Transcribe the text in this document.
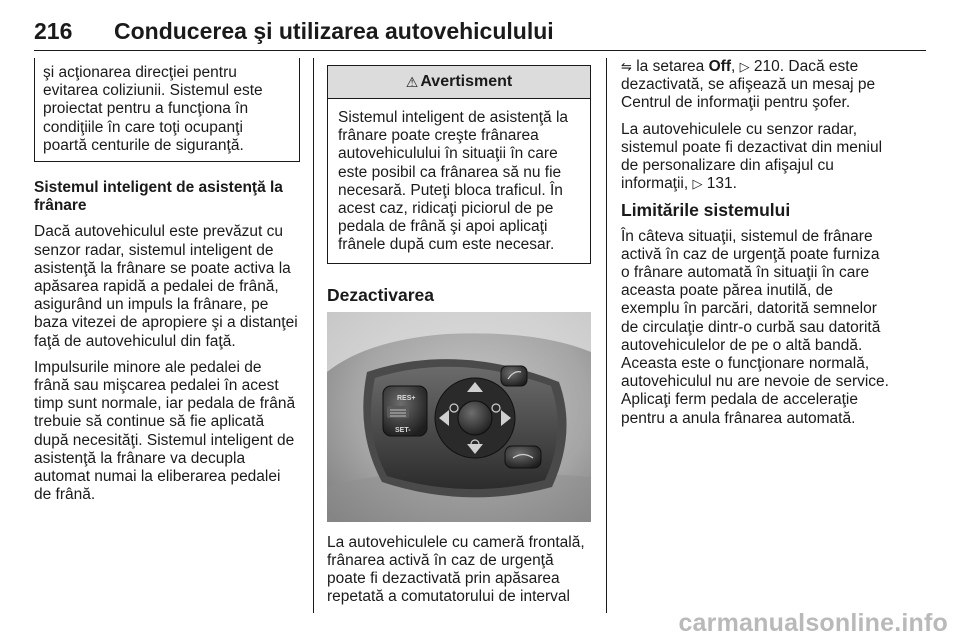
216 Conducerea şi utilizarea autovehiculului
şi acţionarea direcţiei pentru evitarea coliziunii. Sistemul este proiectat pentru a funcţiona în condiţiile în care toţi ocupanţi poartă centurile de siguranţă.

Sistemul inteligent de asistenţă la frânare

Dacă autovehiculul este prevăzut cu senzor radar, sistemul inteligent de asistenţă la frânare se poate activa la apăsarea rapidă a pedalei de frână, asigurând un impuls la frânare, pe baza vitezei de apropiere şi a distanţei faţă de autovehiculul din faţă.

Impulsurile minore ale pedalei de frână sau mişcarea pedalei în acest timp sunt normale, iar pedala de frână trebuie să continue să fie aplicată după necesităţi. Sistemul inteligent de asistenţă la frânare va decupla automat numai la eliberarea pedalei de frână.

⚠ Avertisment
Sistemul inteligent de asistenţă la frânare poate creşte frânarea autovehiculului în situaţii în care este posibil ca frânarea să nu fie necesară. Puteţi bloca traficul. În acest caz, ridicaţi piciorul de pe pedala de frână şi apoi aplicaţi frânele după cum este necesar.

Dezactivarea

RES+
SET-

La autovehiculele cu cameră frontală, frânarea activă în caz de urgenţă poate fi dezactivată prin apăsarea repetată a comutatorului de interval

⇋ la setarea Off, ▷ 210. Dacă este dezactivată, se afişează un mesaj pe Centrul de informaţii pentru şofer.

La autovehiculele cu senzor radar, sistemul poate fi dezactivat din meniul de personalizare din afişajul cu informaţii, ▷ 131.

Limitările sistemului

În câteva situaţii, sistemul de frânare activă în caz de urgenţă poate furniza o frânare automată în situaţii în care aceasta poate părea inutilă, de exemplu în parcări, datorită semnelor de circulaţie dintr-o curbă sau datorită autovehiculelor de pe o altă bandă. Aceasta este o funcţionare normală, autovehiculul nu are nevoie de service. Aplicaţi ferm pedala de acceleraţie pentru a anula frânarea automată.

carmanualsonline.info
